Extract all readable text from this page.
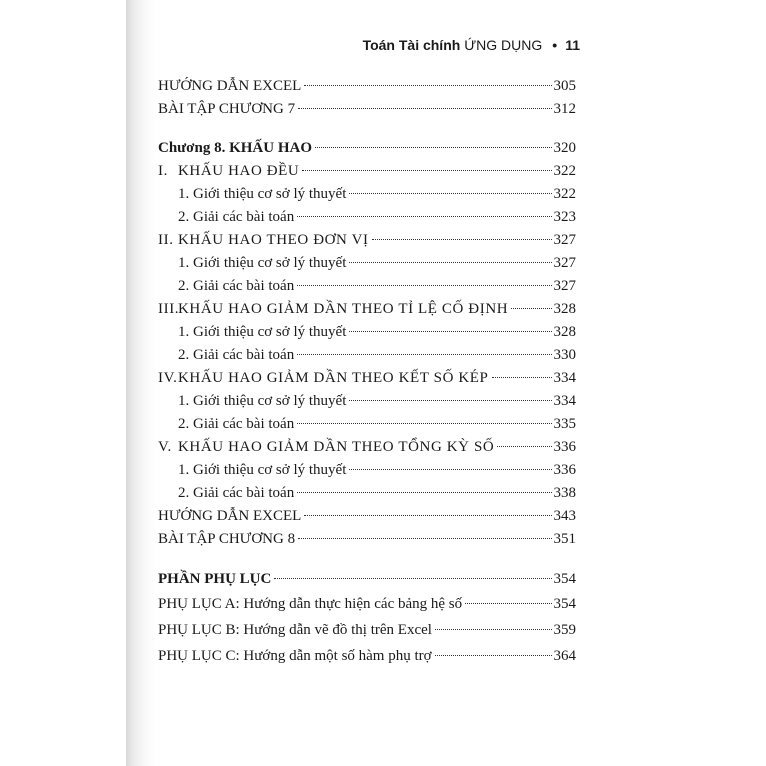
Toán Tài chính ỨNG DỤNG • 11
HƯỚNG DẪN EXCEL	305
BÀI TẬP CHƯƠNG 7	312
Chương 8. KHẤU HAO	320
I. KHẤU HAO ĐỀU	322
1. Giới thiệu cơ sở lý thuyết	322
2. Giải các bài toán	323
II. KHẤU HAO THEO ĐƠN VỊ	327
1. Giới thiệu cơ sở lý thuyết	327
2. Giải các bài toán	327
III.KHẤU HAO GIẢM DẦN THEO TỈ LỆ CỐ ĐỊNH	328
1. Giới thiệu cơ sở lý thuyết	328
2. Giải các bài toán	330
IV.KHẤU HAO GIẢM DẦN THEO KẾT SỐ KÉP	334
1. Giới thiệu cơ sở lý thuyết	334
2. Giải các bài toán	335
V. KHẤU HAO GIẢM DẦN THEO TỔNG KỲ SỐ	336
1. Giới thiệu cơ sở lý thuyết	336
2. Giải các bài toán	338
HƯỚNG DẪN EXCEL	343
BÀI TẬP CHƯƠNG 8	351
PHẦN PHỤ LỤC	354
PHỤ LỤC A: Hướng dẫn thực hiện các bảng hệ số	354
PHỤ LỤC B: Hướng dẫn vẽ đồ thị trên Excel	359
PHỤ LỤC C: Hướng dẫn một số hàm phụ trợ	364
